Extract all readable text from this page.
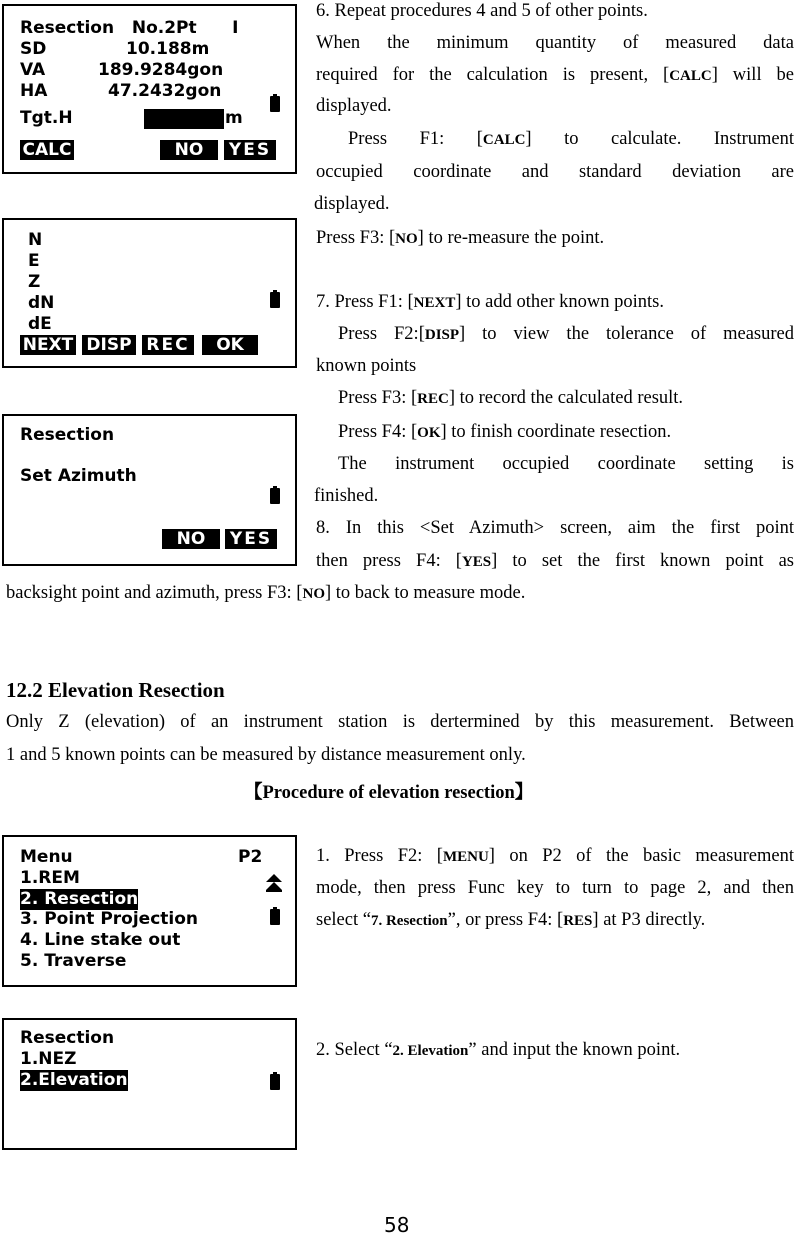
Resection   No.2Pt      I
SD	10.188m
VA	189.9284gon
HA	47.2432gon
Tgt.H	m
CALC	NO	YES
N
E
Z
dN
dE
NEXT DISP REC	OK
Resection
Set Azimuth
NO	YES
Menu	P2
1.REM
2. Resection
3. Point Projection
4. Line stake out
5. Traverse
Resection
1.NEZ
2.Elevation
6. Repeat procedures 4 and 5 of other points.
When the minimum quantity of measured data
required for the calculation is present, [CALC] will be
displayed.
Press F1: [CALC] to calculate. Instrument
occupied coordinate and standard deviation are
displayed.
Press F3: [NO] to re-measure the point.
7. Press F1: [NEXT] to add other known points.
Press F2:[DISP] to view the tolerance of measured
known points
Press F3: [REC] to record the calculated result.
Press F4: [OK] to finish coordinate resection.
The instrument occupied coordinate setting is
finished.
8. In this <Set Azimuth> screen, aim the first point
then press F4: [YES] to set the first known point as
backsight point and azimuth, press F3: [NO] to back to measure mode.
12.2 Elevation Resection
Only Z (elevation) of an instrument station is dertermined by this measurement. Between
1 and 5 known points can be measured by distance measurement only.
【Procedure of elevation resection】
1. Press F2: [MENU] on P2 of the basic measurement
mode, then press Func key to turn to page 2, and then
select “7. Resection”, or press F4: [RES] at P3 directly.
2. Select “2. Elevation” and input the known point.
58
